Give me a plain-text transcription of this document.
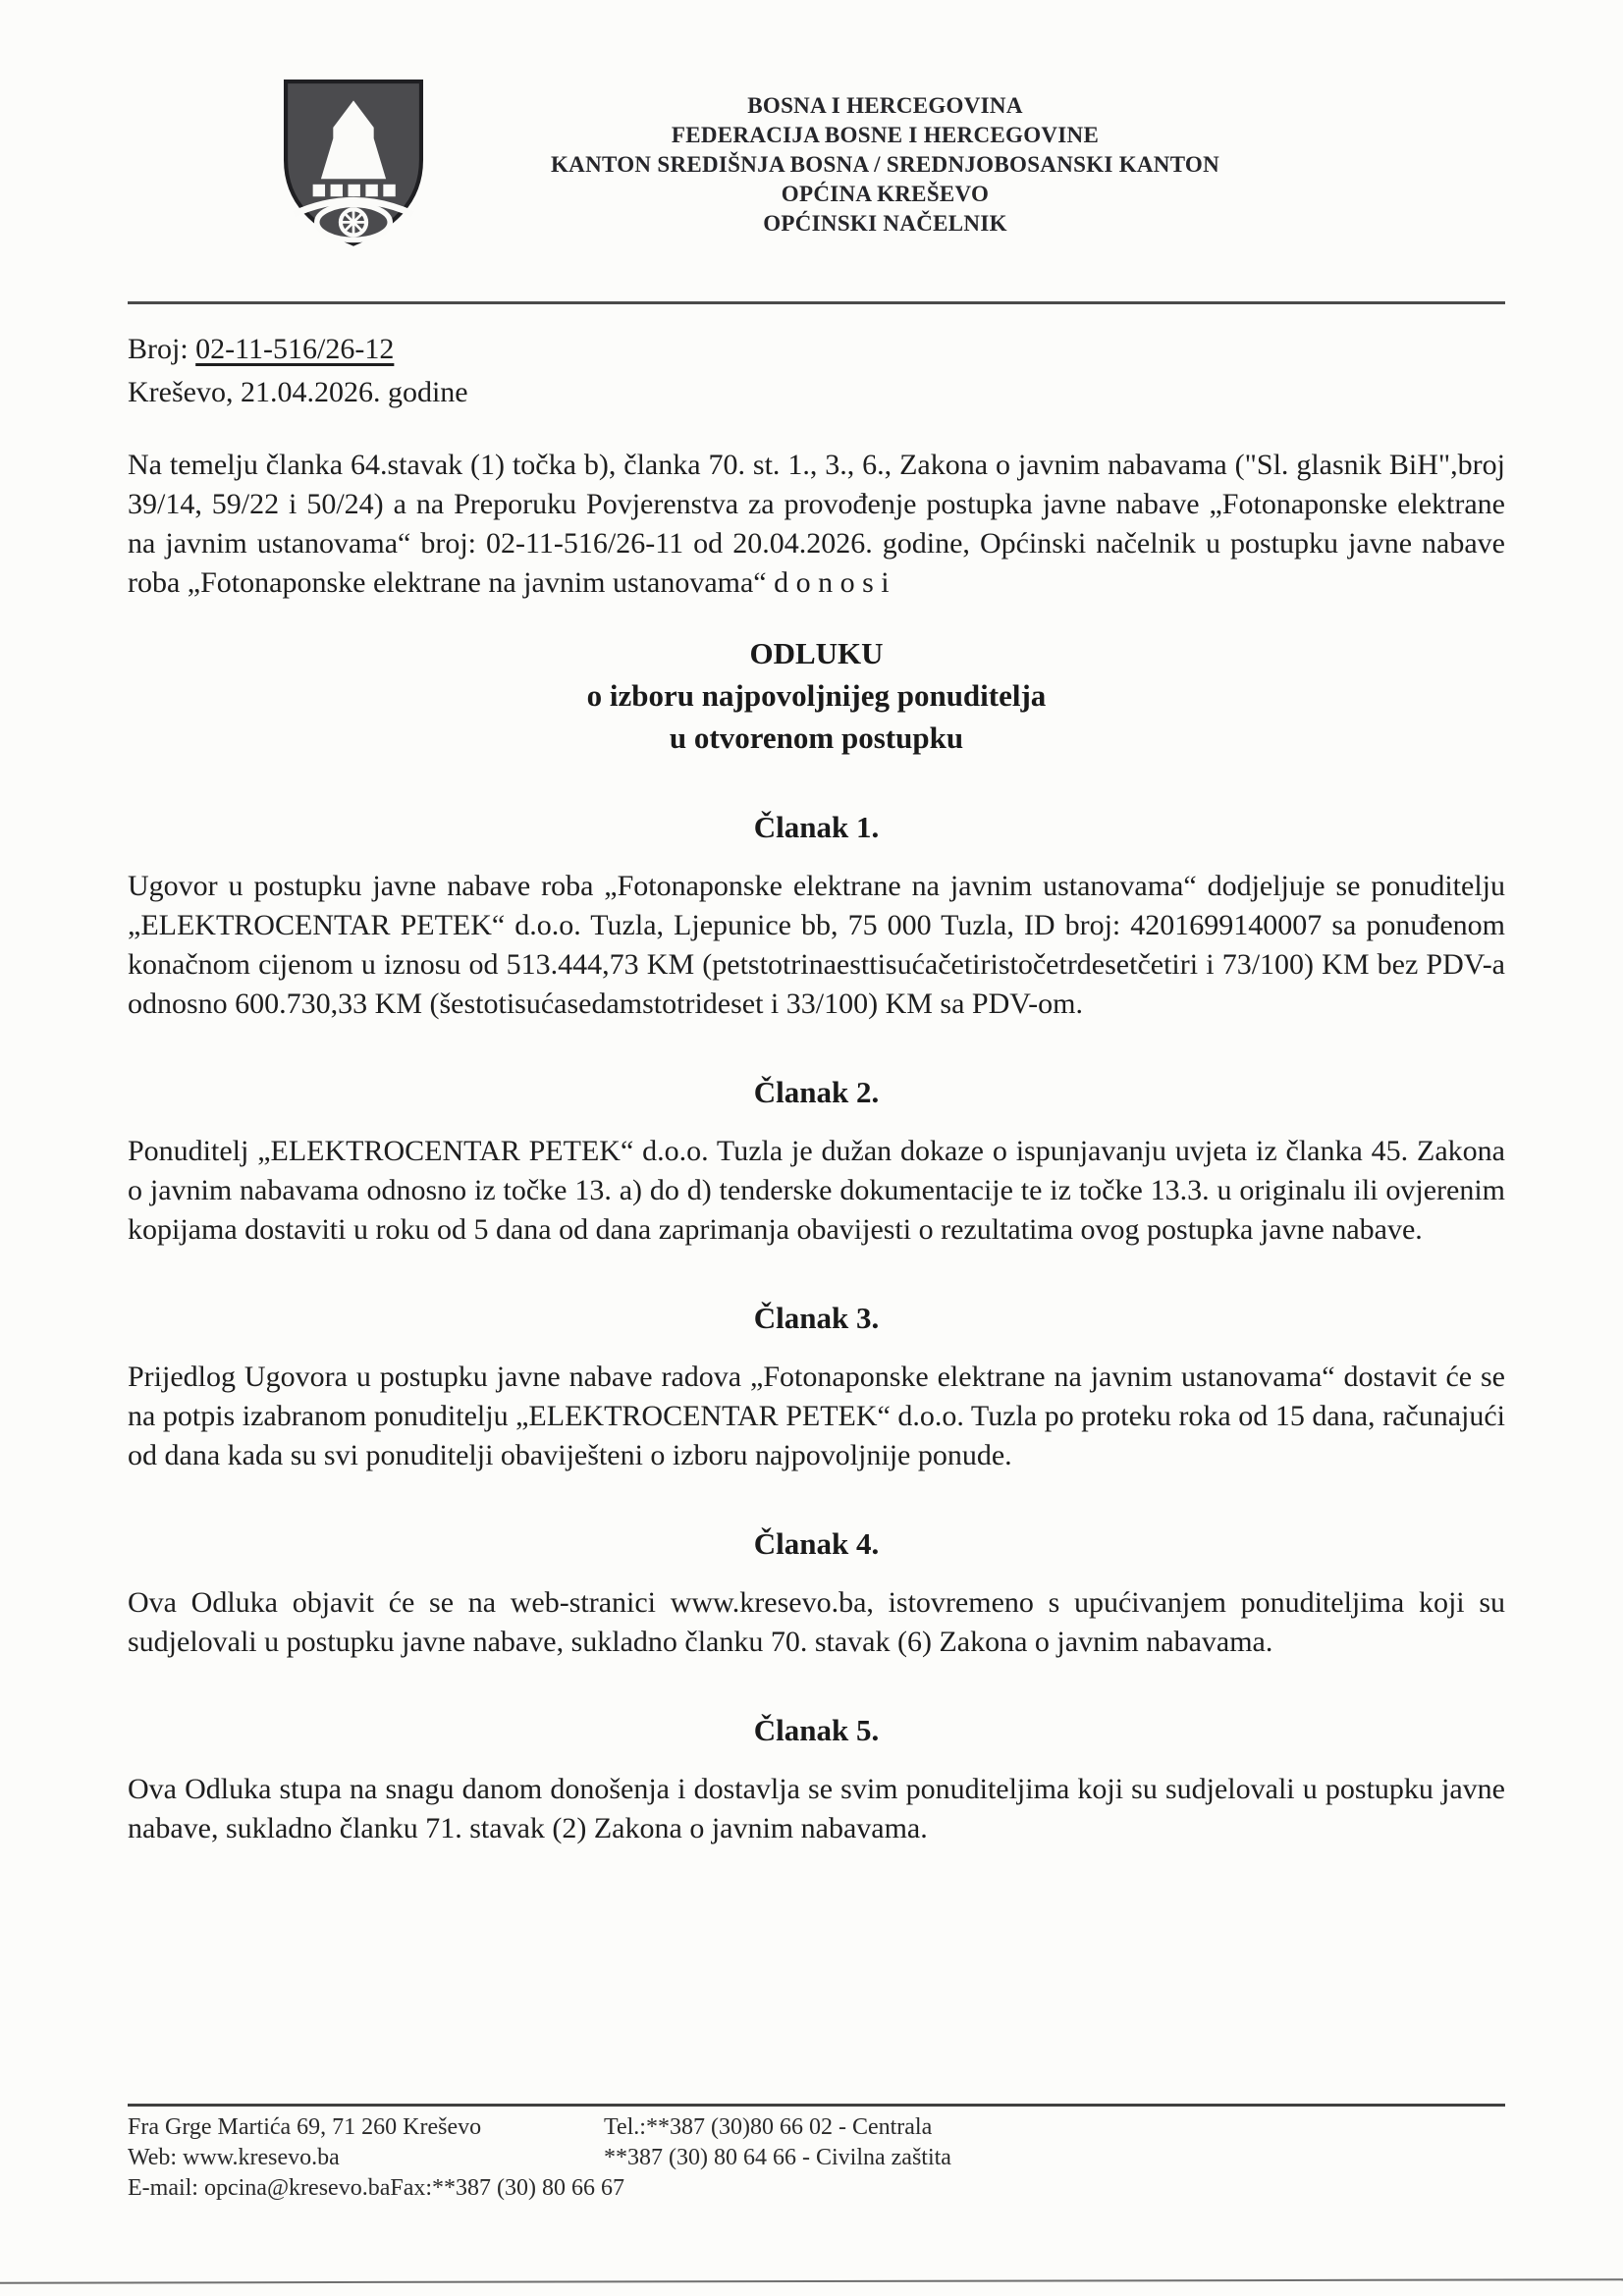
BOSNA I HERCEGOVINA
FEDERACIJA BOSNE I HERCEGOVINE
KANTON SREDIŠNJA BOSNA / SREDNJOBOSANSKI KANTON
OPĆINA KREŠEVO
OPĆINSKI NAČELNIK
Broj: 02-11-516/26-12
Kreševo, 21.04.2026. godine

Na temelju članka 64.stavak (1) točka b), članka 70. st. 1., 3., 6., Zakona o javnim nabavama ("Sl. glasnik BiH",broj 39/14, 59/22 i 50/24) a na Preporuku Povjerenstva za provođenje postupka javne nabave „Fotonaponske elektrane na javnim ustanovama“ broj: 02-11-516/26-11 od 20.04.2026. godine, Općinski načelnik u postupku javne nabave roba „Fotonaponske elektrane na javnim ustanovama“ d o n o s i

ODLUKU
o izboru najpovoljnijeg ponuditelja
u otvorenom postupku
Članak 1.

Ugovor u postupku javne nabave roba „Fotonaponske elektrane na javnim ustanovama“ dodjeljuje se ponuditelju „ELEKTROCENTAR PETEK“ d.o.o. Tuzla, Ljepunice bb, 75 000 Tuzla, ID broj: 4201699140007 sa ponuđenom konačnom cijenom u iznosu od 513.444,73 KM (petstotrinaesttisućačetiristočetrdesetčetiri i 73/100) KM bez PDV-a odnosno 600.730,33 KM (šestotisućasedamstotrideset i 33/100) KM sa PDV-om.

Članak 2.

Ponuditelj „ELEKTROCENTAR PETEK“ d.o.o. Tuzla je dužan dokaze o ispunjavanju uvjeta iz članka 45. Zakona o javnim nabavama odnosno iz točke 13. a) do d) tenderske dokumentacije te iz točke 13.3. u originalu ili ovjerenim kopijama dostaviti u roku od 5 dana od dana zaprimanja obavijesti o rezultatima ovog postupka javne nabave.

Članak 3.

Prijedlog Ugovora u postupku javne nabave radova „Fotonaponske elektrane na javnim ustanovama“ dostavit će se na potpis izabranom ponuditelju „ELEKTROCENTAR PETEK“ d.o.o. Tuzla po proteku roka od 15 dana, računajući od dana kada su svi ponuditelji obaviješteni o izboru najpovoljnije ponude.

Članak 4.

Ova Odluka objavit će se na web-stranici www.kresevo.ba, istovremeno s upućivanjem ponuditeljima koji su sudjelovali u postupku javne nabave, sukladno članku 70. stavak (6) Zakona o javnim nabavama.

Članak 5.

Ova Odluka stupa na snagu danom donošenja i dostavlja se svim ponuditeljima koji su sudjelovali u postupku javne nabave, sukladno članku 71. stavak (2) Zakona o javnim nabavama.

Fra Grge Martića 69, 71 260 Kreševo
Web: www.kresevo.ba
E-mail: opcina@kresevo.baFax:**387 (30) 80 66 67
Tel.:**387 (30)80 66 02 - Centrala
**387 (30) 80 64 66 - Civilna zaštita
